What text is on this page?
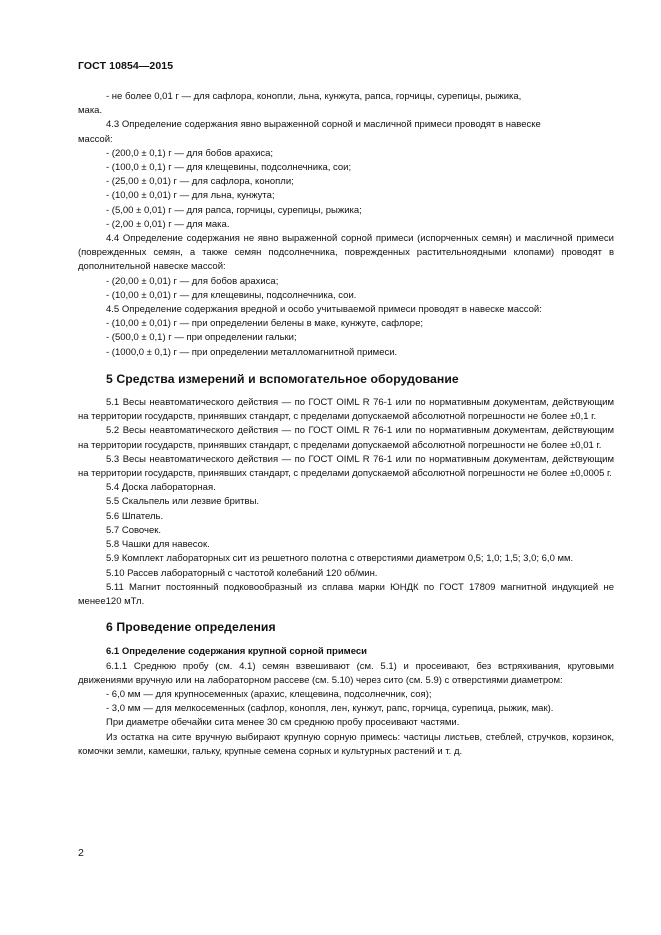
ГОСТ 10854—2015

- не более 0,01 г — для сафлора, конопли, льна, кунжута, рапса, горчицы, сурепицы, рыжика,

мака.

4.3 Определение содержания явно выраженной сорной и масличной примеси проводят в навеске

массой:

- (200,0 ± 0,1) г — для бобов арахиса;

- (100,0 ± 0,1) г — для клещевины, подсолнечника, сои;

- (25,00 ± 0,01) г — для сафлора, конопли;

- (10,00 ± 0,01) г — для льна, кунжута;

- (5,00 ± 0,01) г — для рапса, горчицы, сурепицы, рыжика;

- (2,00 ± 0,01) г — для мака.

4.4 Определение содержания не явно выраженной сорной примеси (испорченных семян) и масличной примеси (поврежденных семян, а также семян подсолнечника, поврежденных растительноядными клопами) проводят в дополнительной навеске массой:

- (20,00 ± 0,01) г — для бобов арахиса;

- (10,00 ± 0,01) г — для клещевины, подсолнечника, сои.

4.5 Определение содержания вредной и особо учитываемой примеси проводят в навеске массой:

- (10,00 ± 0,01) г — при определении белены в маке, кунжуте, сафлоре;

- (500,0 ± 0,1) г — при определении гальки;

- (1000,0 ± 0,1) г — при определении металломагнитной примеси.

5 Средства измерений и вспомогательное оборудование

5.1 Весы неавтоматического действия — по ГОСТ OIML R 76-1 или по нормативным документам, действующим на территории государств, принявших стандарт, с пределами допускаемой абсолютной погрешности не более ±0,1 г.

5.2 Весы неавтоматического действия — по ГОСТ OIML R 76-1 или по нормативным документам, действующим на территории государств, принявших стандарт, с пределами допускаемой абсолютной погрешности не более ±0,01 г.

5.3 Весы неавтоматического действия — по ГОСТ OIML R 76-1 или по нормативным документам, действующим на территории государств, принявших стандарт, с пределами допускаемой абсолютной погрешности не более ±0,0005 г.

5.4 Доска лабораторная.

5.5 Скальпель или лезвие бритвы.

5.6 Шпатель.

5.7 Совочек.

5.8 Чашки для навесок.

5.9 Комплект лабораторных сит из решетного полотна с отверстиями диаметром 0,5; 1,0; 1,5; 3,0; 6,0 мм.

5.10 Рассев лабораторный с частотой колебаний 120 об/мин.

5.11 Магнит постоянный подковообразный из сплава марки ЮНДК по ГОСТ 17809 магнитной индукцией не менее120 мТл.

6 Проведение определения

6.1 Определение содержания крупной сорной примеси

6.1.1 Среднюю пробу (см. 4.1) семян взвешивают (см. 5.1) и просеивают, без встряхивания, круговыми движениями вручную или на лабораторном рассеве (см. 5.10) через сито (см. 5.9) с отверстиями диаметром:

- 6,0 мм — для крупносеменных (арахис, клещевина, подсолнечник, соя);

- 3,0 мм — для мелкосеменных (сафлор, конопля, лен, кунжут, рапс, горчица, сурепица, рыжик, мак).

При диаметре обечайки сита менее 30 см среднюю пробу просеивают частями.

Из остатка на сите вручную выбирают крупную сорную примесь: частицы листьев, стеблей, стручков, корзинок, комочки земли, камешки, гальку, крупные семена сорных и культурных растений и т. д.

2
